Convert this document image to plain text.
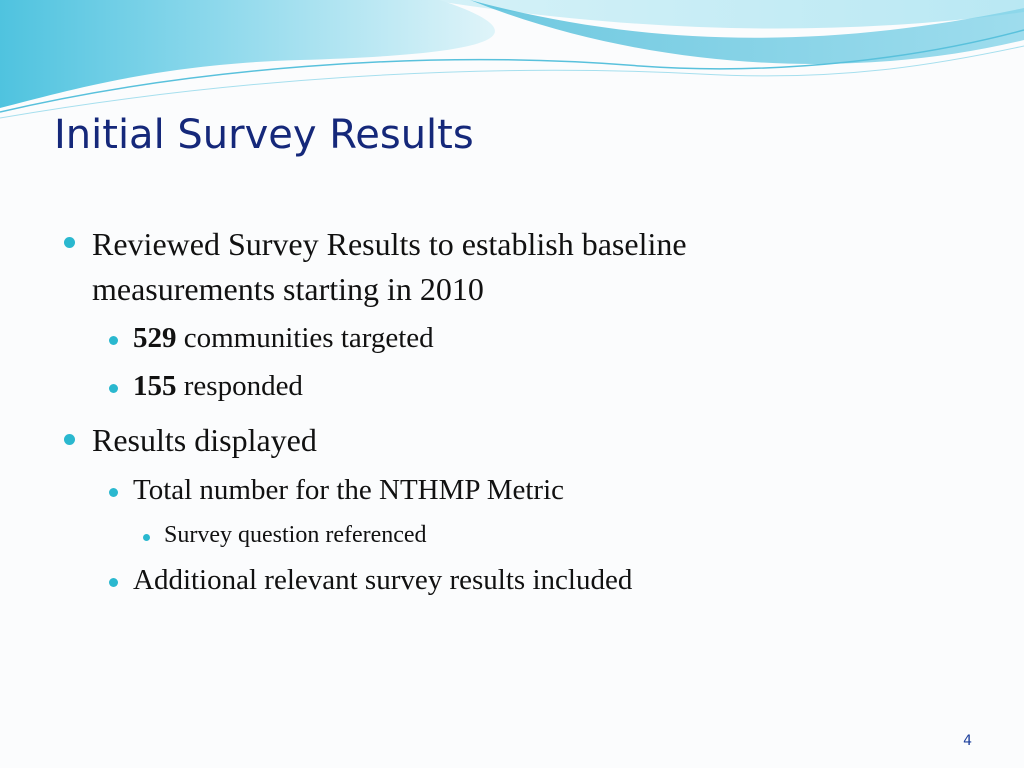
Initial Survey Results
Reviewed Survey Results to establish baseline
measurements starting in 2010
529 communities targeted
155 responded
Results displayed
Total number for the NTHMP Metric
Survey question referenced
Additional relevant survey results included
4
